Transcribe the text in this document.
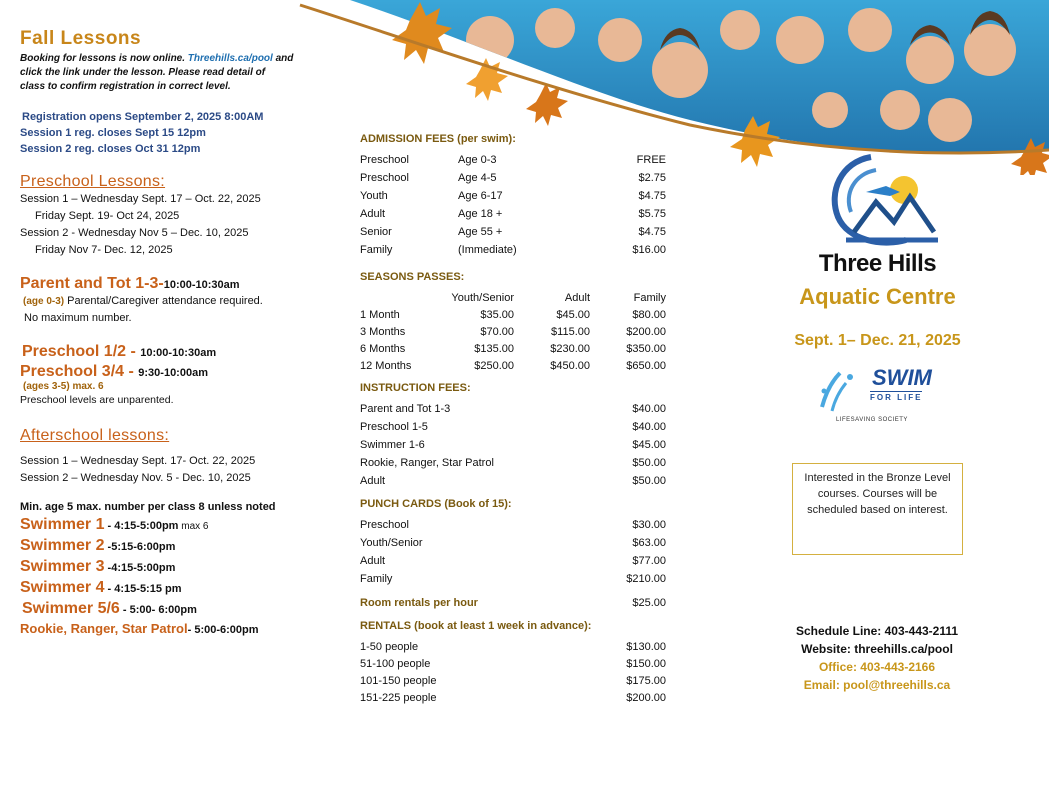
Fall Lessons
Booking for lessons is now online. Threehills.ca/pool and
click the link under the lesson. Please read detail of
class to confirm registration in correct level.
Registration opens September 2, 2025 8:00AM
Session 1 reg. closes Sept 15 12pm
Session 2 reg. closes Oct 31 12pm
Preschool Lessons:
Session 1 – Wednesday Sept. 17 – Oct. 22, 2025
Friday Sept. 19- Oct 24, 2025
Session 2 - Wednesday Nov 5 – Dec. 10, 2025
Friday Nov 7- Dec. 12, 2025
Parent and Tot 1-3-10:00-10:30am
(age 0-3) Parental/Caregiver attendance required.
No maximum number.
Preschool 1/2 - 10:00-10:30am
Preschool 3/4 - 9:30-10:00am
(ages 3-5) max. 6
Preschool levels are unparented.
Afterschool lessons:
Session 1 – Wednesday Sept. 17- Oct. 22, 2025
Session 2 – Wednesday Nov. 5 - Dec. 10, 2025
Min. age 5 max. number per class 8 unless noted
Swimmer 1 - 4:15-5:00pm max 6
Swimmer 2 -5:15-6:00pm
Swimmer 3 -4:15-5:00pm
Swimmer 4 - 4:15-5:15 pm
Swimmer 5/6 - 5:00- 6:00pm
Rookie, Ranger, Star Patrol- 5:00-6:00pm
ADMISSION FEES (per swim):
Preschool	Age 0-3	FREE
Preschool	Age 4-5	$2.75
Youth	Age 6-17	$4.75
Adult	Age 18 +	$5.75
Senior	Age 55 +	$4.75
Family	(Immediate)	$16.00
SEASONS PASSES:
Youth/Senior	Adult	Family
1 Month	$35.00	$45.00	$80.00
3 Months	$70.00	$115.00	$200.00
6 Months	$135.00	$230.00	$350.00
12 Months	$250.00	$450.00	$650.00
INSTRUCTION FEES:
Parent and Tot 1-3	$40.00
Preschool 1-5	$40.00
Swimmer 1-6	$45.00
Rookie, Ranger, Star Patrol	$50.00
Adult	$50.00
PUNCH CARDS (Book of 15):
Preschool	$30.00
Youth/Senior	$63.00
Adult	$77.00
Family	$210.00
Room rentals per hour	$25.00
RENTALS (book at least 1 week in advance):
1-50 people	$130.00
51-100 people	$150.00
101-150 people	$175.00
151-225 people	$200.00
Three Hills
Aquatic Centre
Sept. 1– Dec. 21, 2025
SWIM
FOR LIFE
LIFESAVING SOCIETY
Interested in the Bronze Level courses. Courses will be scheduled based on interest.
Schedule Line: 403-443-2111
Website: threehills.ca/pool
Office: 403-443-2166
Email: pool@threehills.ca
